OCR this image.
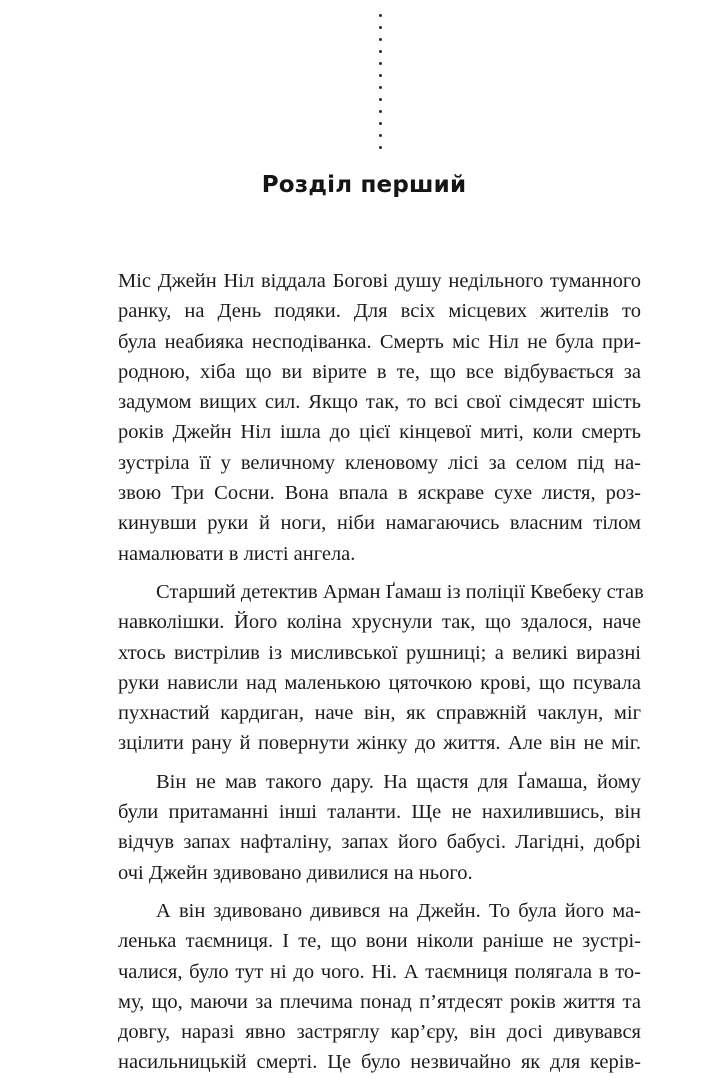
Розділ перший
Міс Джейн Ніл віддала Богові душу недільного туманного
ранку, на День подяки. Для всіх місцевих жителів то
була неабияка несподіванка. Смерть міс Ніл не була при-
родною, хіба що ви вірите в те, що все відбувається за
задумом вищих сил. Якщо так, то всі свої сімдесят шість
років Джейн Ніл ішла до цієї кінцевої миті, коли смерть
зустріла її у величному кленовому лісі за селом під на-
звою Три Сосни. Вона впала в яскраве сухе листя, роз-
кинувши руки й ноги, ніби намагаючись власним тілом
намалювати в листі ангела.
Старший детектив Арман Ґамаш із поліції Квебеку став
навколішки. Його коліна хруснули так, що здалося, наче
хтось вистрілив із мисливської рушниці; а великі виразні
руки нависли над маленькою цяточкою крові, що псувала
пухнастий кардиган, наче він, як справжній чаклун, міг
зцілити рану й повернути жінку до життя. Але він не міг.
Він не мав такого дару. На щастя для Ґамаша, йому
були притаманні інші таланти. Ще не нахилившись, він
відчув запах нафталіну, запах його бабусі. Лагідні, добрі
очі Джейн здивовано дивилися на нього.
А він здивовано дивився на Джейн. То була його ма-
ленька таємниця. І те, що вони ніколи раніше не зустрі-
чалися, було тут ні до чого. Ні. А таємниця полягала в то-
му, що, маючи за плечима понад п’ятдесят років життя та
довгу, наразі явно застряглу кар’єру, він досі дивувався
насильницькій смерті. Це було незвичайно як для керів-
